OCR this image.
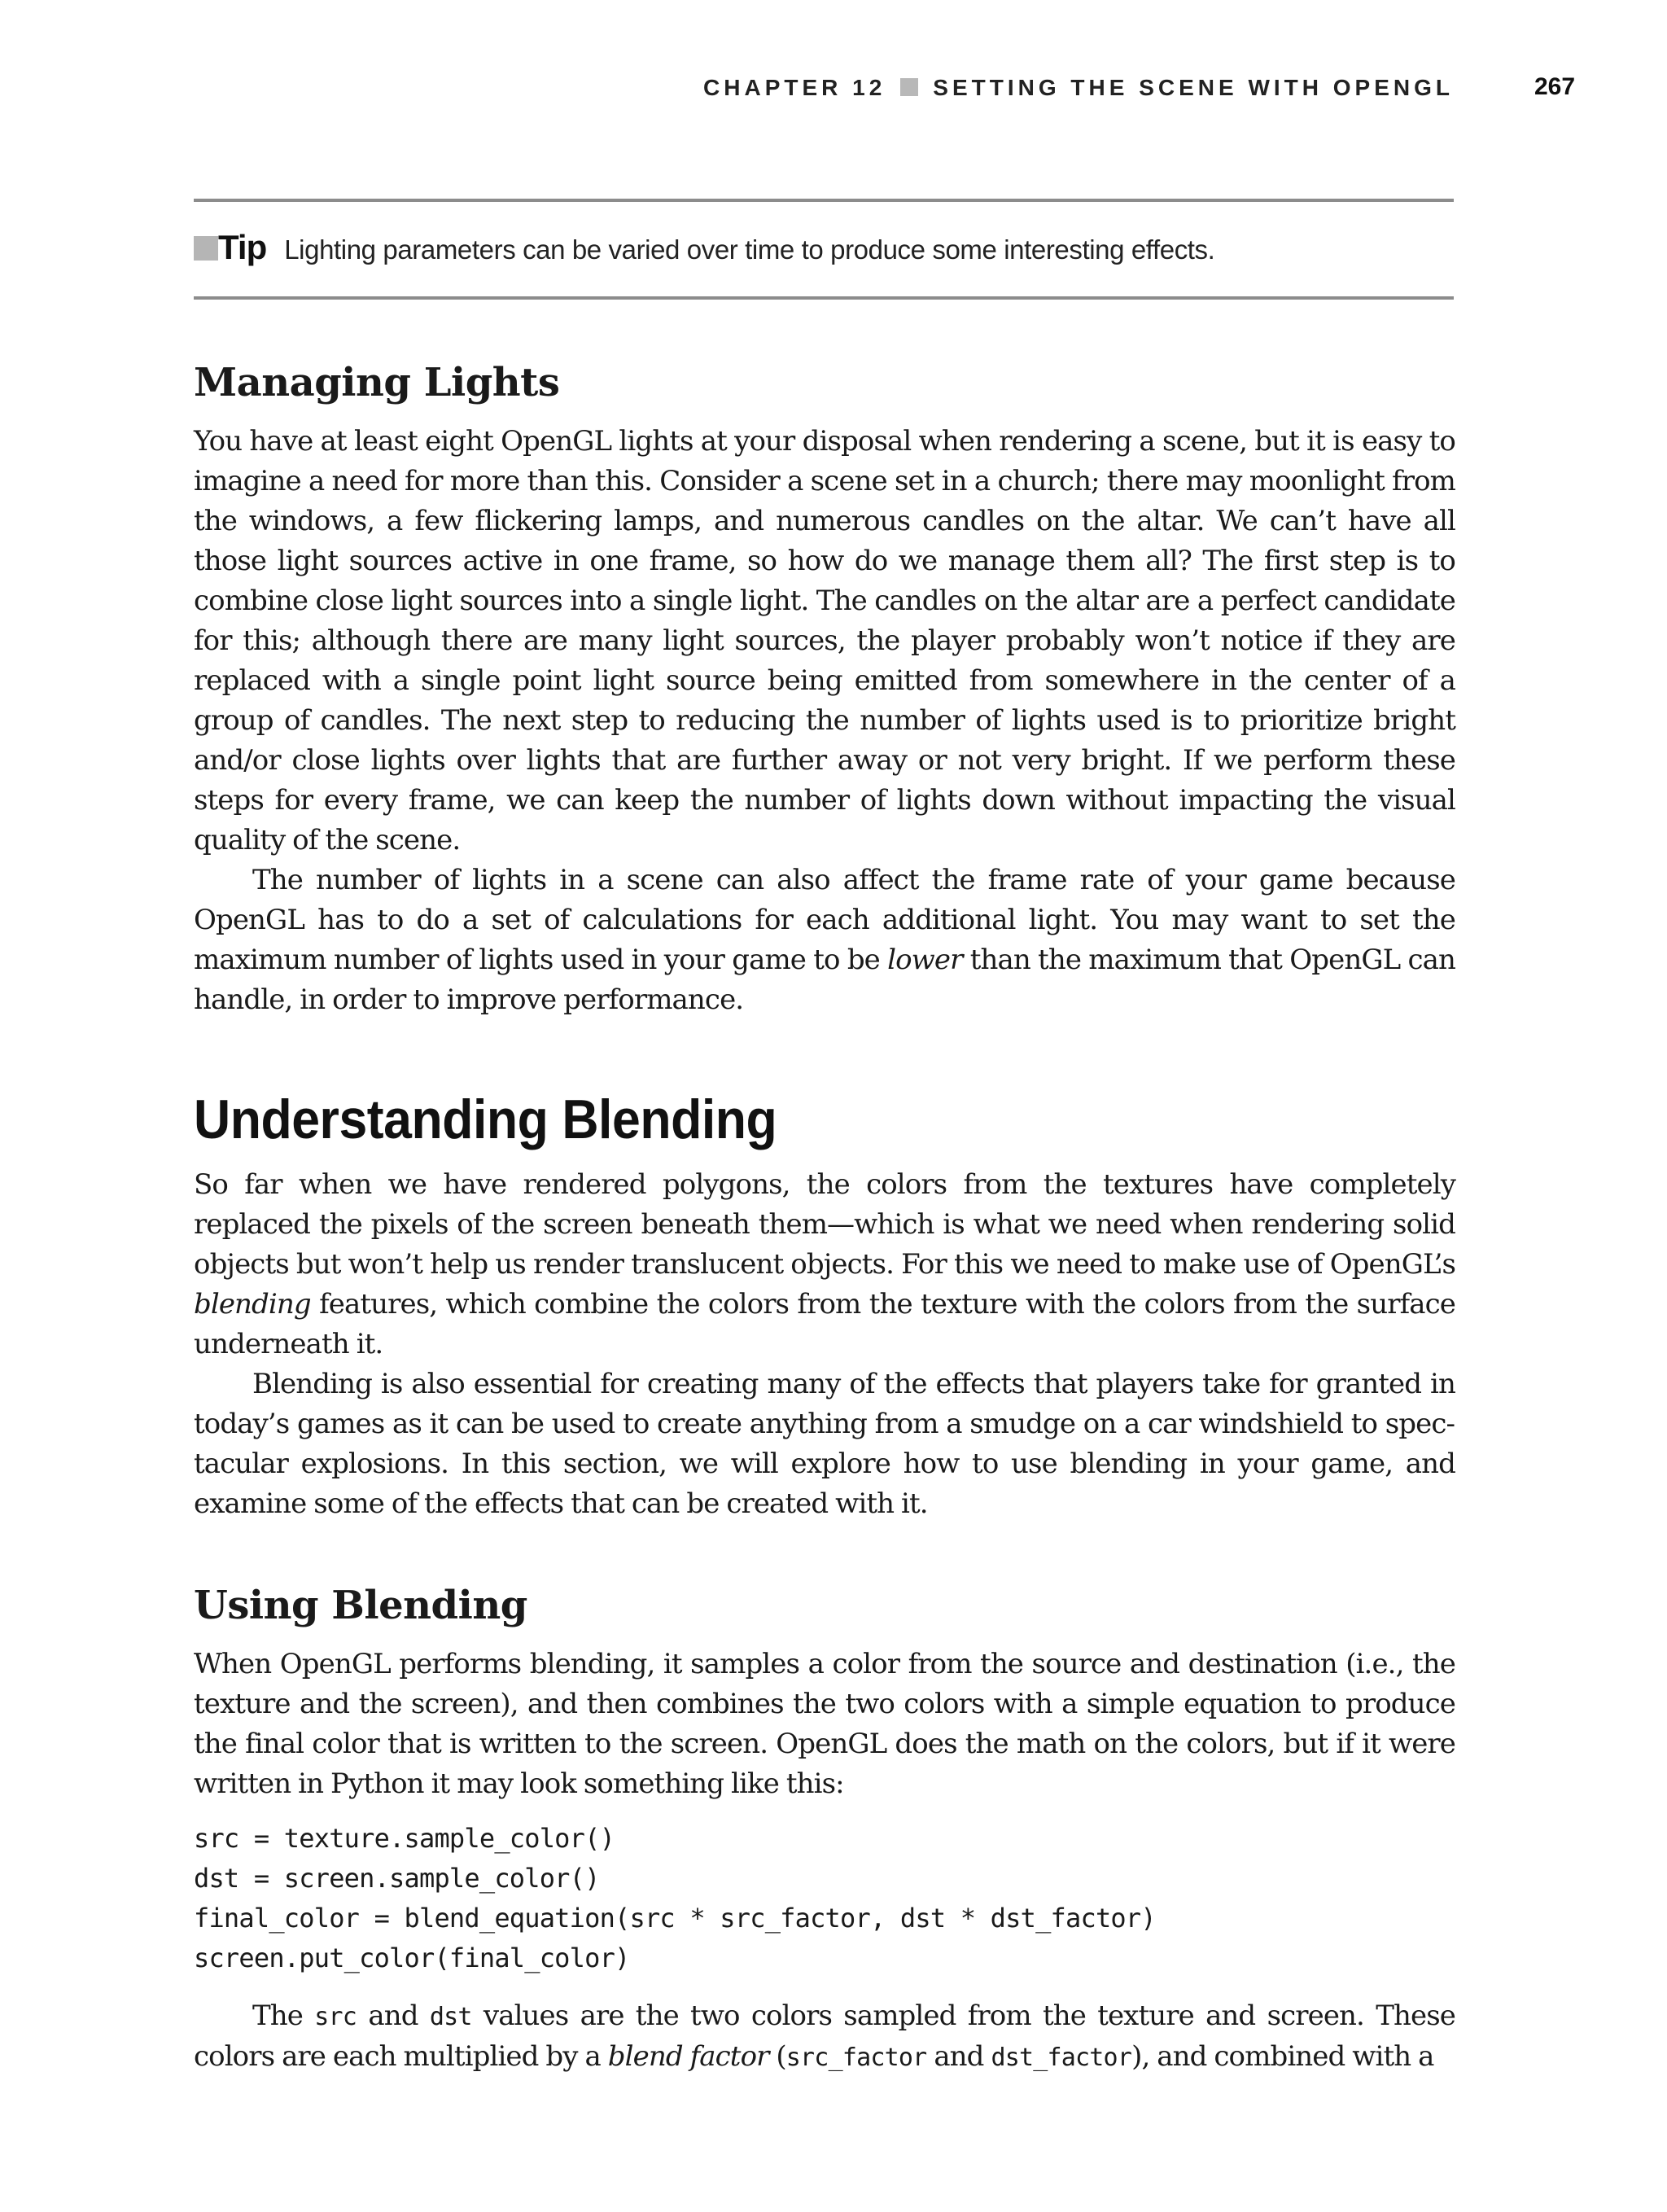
CHAPTER 12 SETTING THE SCENE WITH OPENGL	267
Tip Lighting parameters can be varied over time to produce some interesting effects.
Managing Lights

You have at least eight OpenGL lights at your disposal when rendering a scene, but it is easy to imagine a need for more than this. Consider a scene set in a church; there may moonlight from the windows, a few flickering lamps, and numerous candles on the altar. We can’t have all those light sources active in one frame, so how do we manage them all? The first step is to combine close light sources into a single light. The candles on the altar are a perfect candidate for this; although there are many light sources, the player probably won’t notice if they are replaced with a single point light source being emitted from somewhere in the center of a group of candles. The next step to reducing the number of lights used is to prioritize bright and/or close lights over lights that are further away or not very bright. If we perform these steps for every frame, we can keep the number of lights down without impacting the visual quality of the scene.

The number of lights in a scene can also affect the frame rate of your game because OpenGL has to do a set of calculations for each additional light. You may want to set the maximum number of lights used in your game to be lower than the maximum that OpenGL can handle, in order to improve performance.

Understanding Blending

So far when we have rendered polygons, the colors from the textures have completely replaced the pixels of the screen beneath them—which is what we need when rendering solid objects but won’t help us render translucent objects. For this we need to make use of OpenGL’s blending features, which combine the colors from the texture with the colors from the surface underneath it.

Blending is also essential for creating many of the effects that players take for granted in today’s games as it can be used to create anything from a smudge on a car windshield to spectacular explosions. In this section, we will explore how to use blending in your game, and examine some of the effects that can be created with it.

Using Blending

When OpenGL performs blending, it samples a color from the source and destination (i.e., the texture and the screen), and then combines the two colors with a simple equation to produce the final color that is written to the screen. OpenGL does the math on the colors, but if it were written in Python it may look something like this:

src = texture.sample_color()
dst = screen.sample_color()
final_color = blend_equation(src * src_factor, dst * dst_factor)
screen.put_color(final_color)

The src and dst values are the two colors sampled from the texture and screen. These colors are each multiplied by a blend factor (src_factor and dst_factor), and combined with a
